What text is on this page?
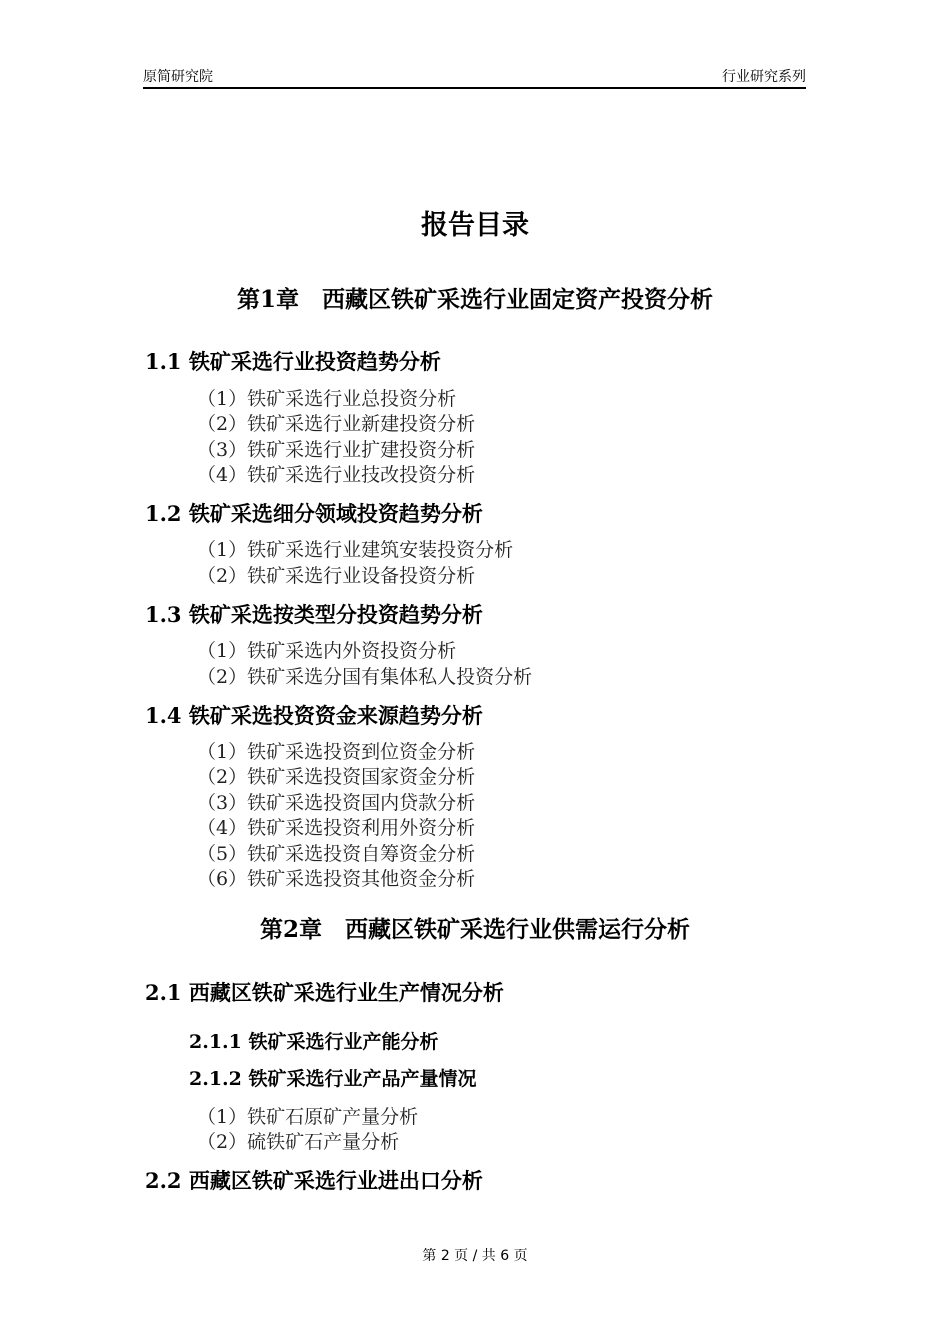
原简研究院	行业研究系列
报告目录
第1章　西藏区铁矿采选行业固定资产投资分析
1.1 铁矿采选行业投资趋势分析
（1）铁矿采选行业总投资分析
（2）铁矿采选行业新建投资分析
（3）铁矿采选行业扩建投资分析
（4）铁矿采选行业技改投资分析
1.2 铁矿采选细分领域投资趋势分析
（1）铁矿采选行业建筑安装投资分析
（2）铁矿采选行业设备投资分析
1.3 铁矿采选按类型分投资趋势分析
（1）铁矿采选内外资投资分析
（2）铁矿采选分国有集体私人投资分析
1.4 铁矿采选投资资金来源趋势分析
（1）铁矿采选投资到位资金分析
（2）铁矿采选投资国家资金分析
（3）铁矿采选投资国内贷款分析
（4）铁矿采选投资利用外资分析
（5）铁矿采选投资自筹资金分析
（6）铁矿采选投资其他资金分析
第2章　西藏区铁矿采选行业供需运行分析
2.1 西藏区铁矿采选行业生产情况分析
2.1.1 铁矿采选行业产能分析
2.1.2 铁矿采选行业产品产量情况
（1）铁矿石原矿产量分析
（2）硫铁矿石产量分析
2.2 西藏区铁矿采选行业进出口分析
第 2 页 / 共 6 页
